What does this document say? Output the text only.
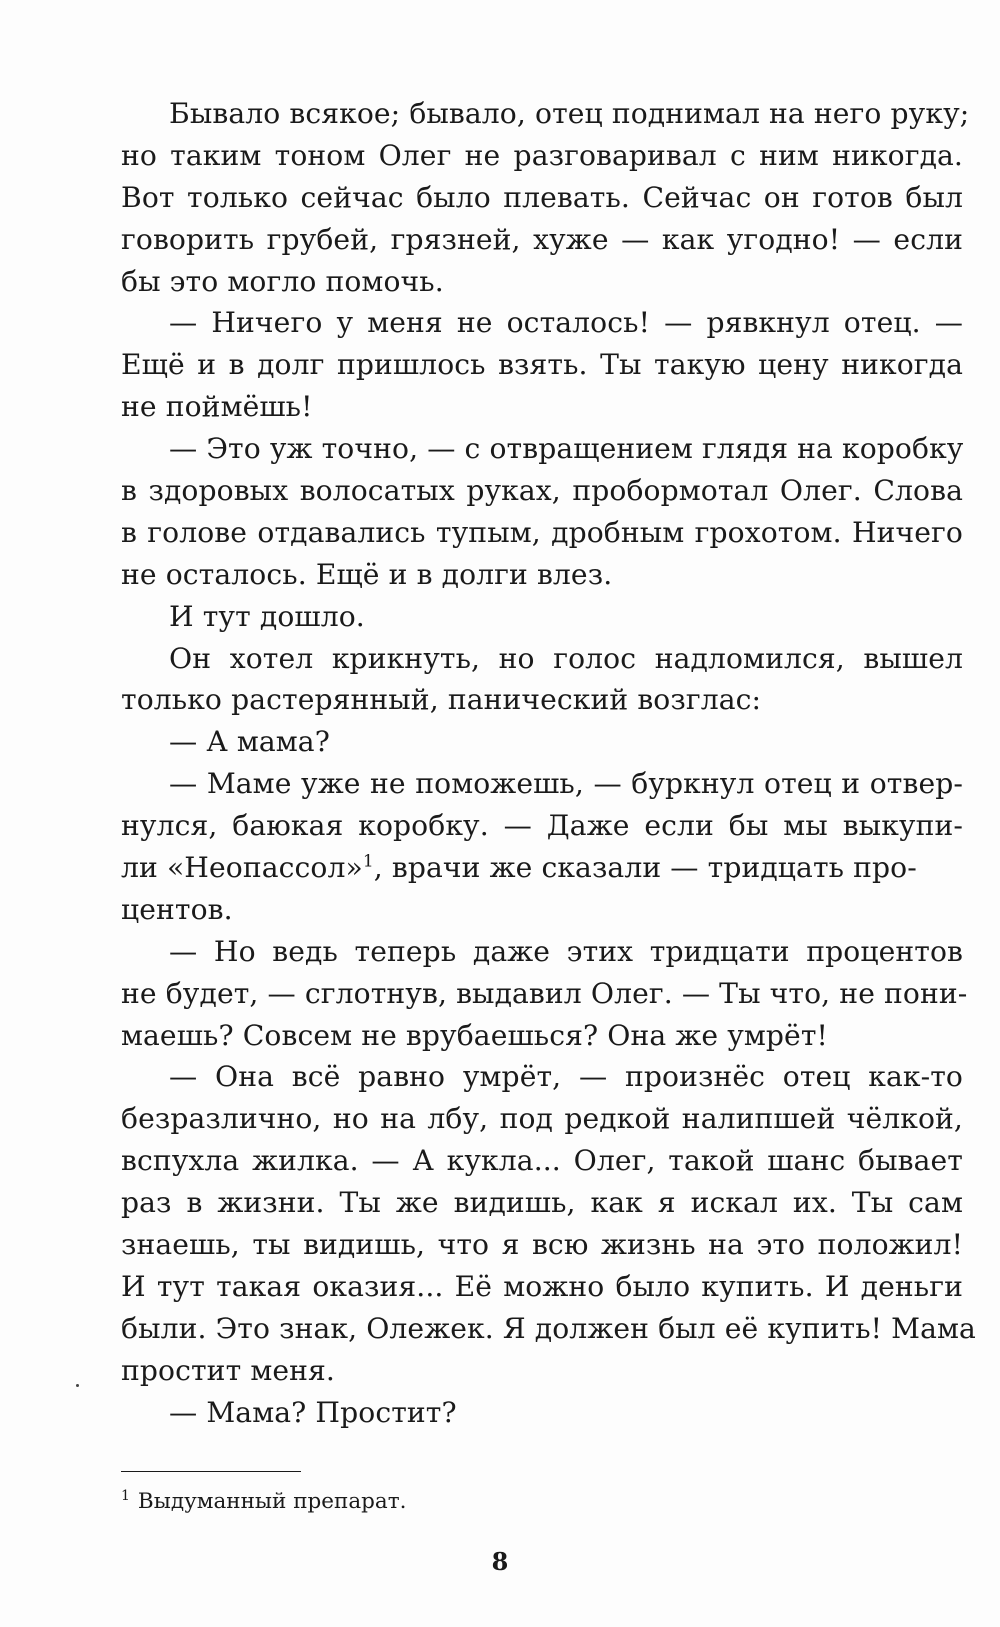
Бывало всякое; бывало, отец поднимал на него руку;
но таким тоном Олег не разговаривал с ним никогда.
Вот только сейчас было плевать. Сейчас он готов был
говорить грубей, грязней, хуже — как угодно! — если
бы это могло помочь.
— Ничего у меня не осталось! — рявкнул отец. —
Ещё и в долг пришлось взять. Ты такую цену никогда
не поймёшь!
— Это уж точно, — с отвращением глядя на коробку
в здоровых волосатых руках, пробормотал Олег. Слова
в голове отдавались тупым, дробным грохотом. Ничего
не осталось. Ещё и в долги влез.
И тут дошло.
Он хотел крикнуть, но голос надломился, вышел
только растерянный, панический возглас:
— А мама?
— Маме уже не поможешь, — буркнул отец и отвер-
нулся, баюкая коробку. — Даже если бы мы выкупи-
ли «Неопассол»$^1$, врачи же сказали — тридцать про-
центов.
— Но ведь теперь даже этих тридцати процентов
не будет, — сглотнув, выдавил Олег. — Ты что, не пони-
маешь? Совсем не врубаешься? Она же умрёт!
— Она всё равно умрёт, — произнёс отец как-то
безразлично, но на лбу, под редкой налипшей чёлкой,
вспухла жилка. — А кукла... Олег, такой шанс бывает
раз в жизни. Ты же видишь, как я искал их. Ты сам
знаешь, ты видишь, что я всю жизнь на это положил!
И тут такая оказия... Её можно было купить. И деньги
были. Это знак, Олежек. Я должен был её купить! Мама
простит меня.
— Мама? Простит?
$^1$ Выдуманный препарат.
8
